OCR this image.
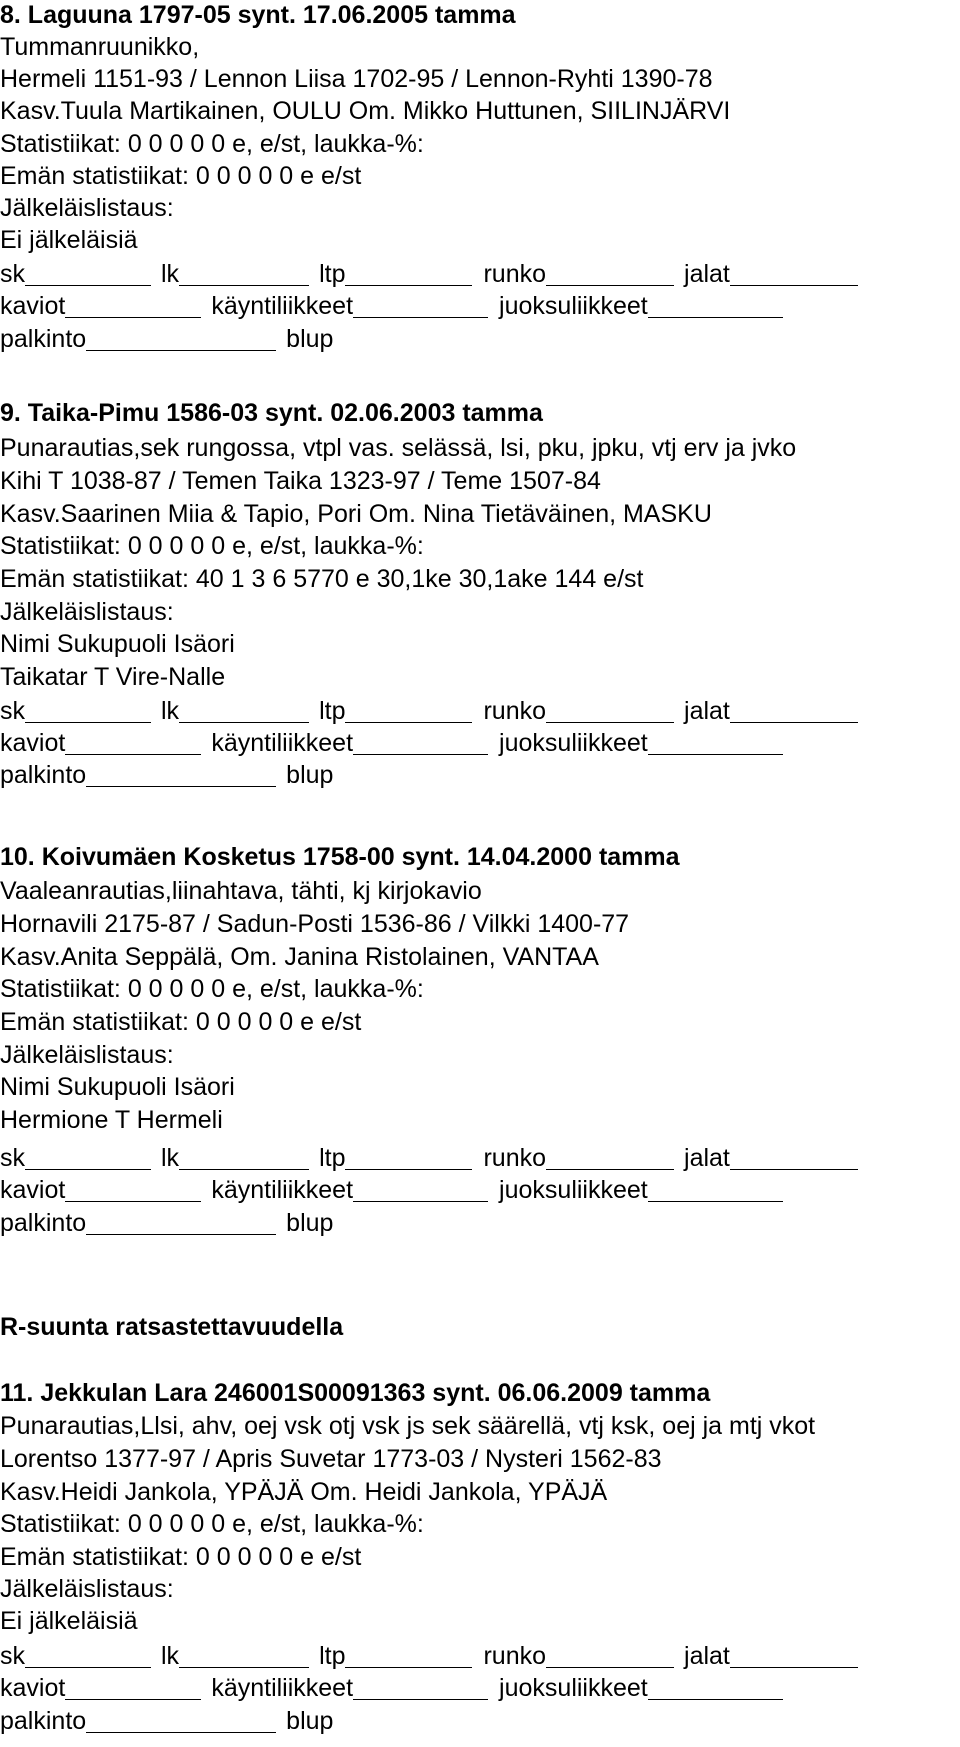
8. Laguuna 1797-05 synt. 17.06.2005 tamma
Tummanruunikko,
Hermeli 1151-93 / Lennon Liisa 1702-95 / Lennon-Ryhti 1390-78
Kasv.Tuula Martikainen, OULU Om. Mikko Huttunen, SIILINJÄRVI
Statistiikat: 0 0 0 0 0 e, e/st, laukka-%:
Emän statistiikat: 0 0 0 0 0 e e/st
Jälkeläislistaus:
Ei jälkeläisiä
sk	lk	ltp	runko	jalat
kaviot	käyntiliikkeet	juoksuliikkeet
palkinto	blup
9. Taika-Pimu 1586-03 synt. 02.06.2003 tamma
Punarautias,sek rungossa, vtpl vas. selässä, lsi, pku, jpku, vtj erv ja jvko
Kihi T 1038-87 / Temen Taika 1323-97 / Teme 1507-84
Kasv.Saarinen Miia & Tapio, Pori Om. Nina Tietäväinen, MASKU
Statistiikat: 0 0 0 0 0 e, e/st, laukka-%:
Emän statistiikat: 40 1 3 6 5770 e 30,1ke 30,1ake 144 e/st
Jälkeläislistaus:
Nimi Sukupuoli Isäori
Taikatar T Vire-Nalle
sk	lk	ltp	runko	jalat
kaviot	käyntiliikkeet	juoksuliikkeet
palkinto	blup
10. Koivumäen Kosketus 1758-00 synt. 14.04.2000 tamma
Vaaleanrautias,liinahtava, tähti, kj kirjokavio
Hornavili 2175-87 / Sadun-Posti 1536-86 / Vilkki 1400-77
Kasv.Anita Seppälä, Om. Janina Ristolainen, VANTAA
Statistiikat: 0 0 0 0 0 e, e/st, laukka-%:
Emän statistiikat: 0 0 0 0 0 e e/st
Jälkeläislistaus:
Nimi Sukupuoli Isäori
Hermione T Hermeli
sk	lk	ltp	runko	jalat
kaviot	käyntiliikkeet	juoksuliikkeet
palkinto	blup
R-suunta ratsastettavuudella
11. Jekkulan Lara 246001S00091363 synt. 06.06.2009 tamma
Punarautias,Llsi, ahv, oej vsk otj vsk js sek säärellä, vtj ksk, oej ja mtj vkot
Lorentso 1377-97 / Apris Suvetar 1773-03 / Nysteri 1562-83
Kasv.Heidi Jankola, YPÄJÄ Om. Heidi Jankola, YPÄJÄ
Statistiikat: 0 0 0 0 0 e, e/st, laukka-%:
Emän statistiikat: 0 0 0 0 0 e e/st
Jälkeläislistaus:
Ei jälkeläisiä
sk	lk	ltp	runko	jalat
kaviot	käyntiliikkeet	juoksuliikkeet
palkinto	blup
